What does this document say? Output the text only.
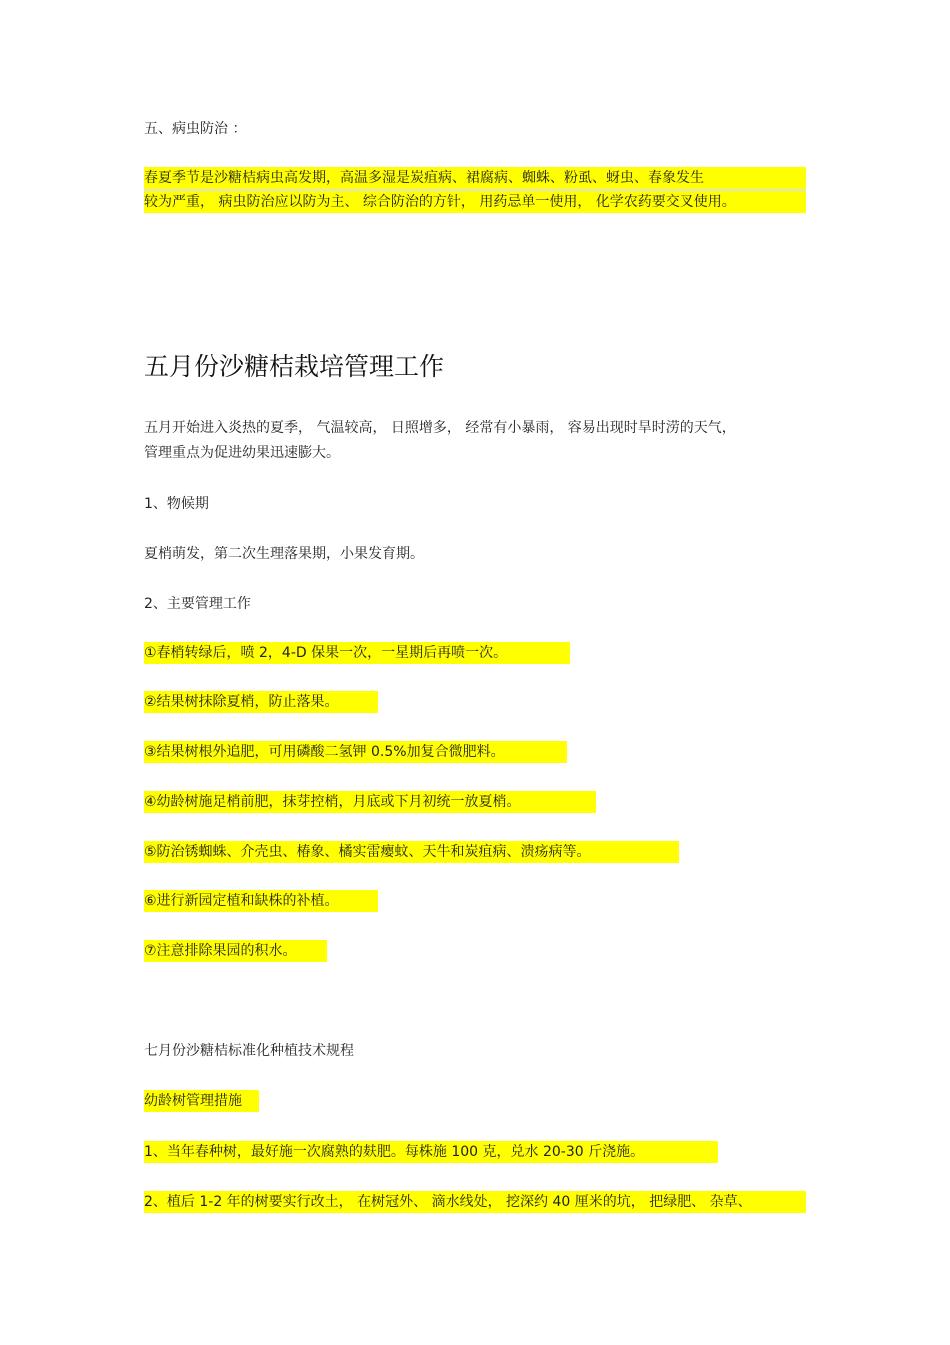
五、病虫防治 ：
春夏季节是沙糖桔病虫高发期，高温多湿是炭疽病、裙腐病、蜘蛛、粉虱、蚜虫、春象发生
较为严重， 病虫防治应以防为主、 综合防治的方针， 用药忌单一使用， 化学农药要交叉使用。
五月份沙糖桔栽培管理工作
五月开始进入炎热的夏季， 气温较高， 日照增多， 经常有小暴雨， 容易出现时旱时涝的天气，
管理重点为促进幼果迅速膨大。
1、物候期
夏梢萌发，第二次生理落果期，小果发育期。
2、主要管理工作
①春梢转绿后，喷 2，4-D 保果一次，一星期后再喷一次。
②结果树抹除夏梢，防止落果。
③结果树根外追肥，可用磷酸二氢钾 0.5%加复合微肥料。
④幼龄树施足梢前肥，抹芽控梢，月底或下月初统一放夏梢。
⑤防治锈蜘蛛、介壳虫、椿象、橘实雷瘿蚊、天牛和炭疽病、溃疡病等。
⑥进行新园定植和缺株的补植。
⑦注意排除果园的积水。
七月份沙糖桔标准化种植技术规程
幼龄树管理措施
1、当年春种树，最好施一次腐熟的麸肥。每株施 100 克，兑水 20-30 斤浇施。
2、植后 1-2 年的树要实行改土， 在树冠外、 滴水线处， 挖深约 40 厘米的坑， 把绿肥、 杂草、
